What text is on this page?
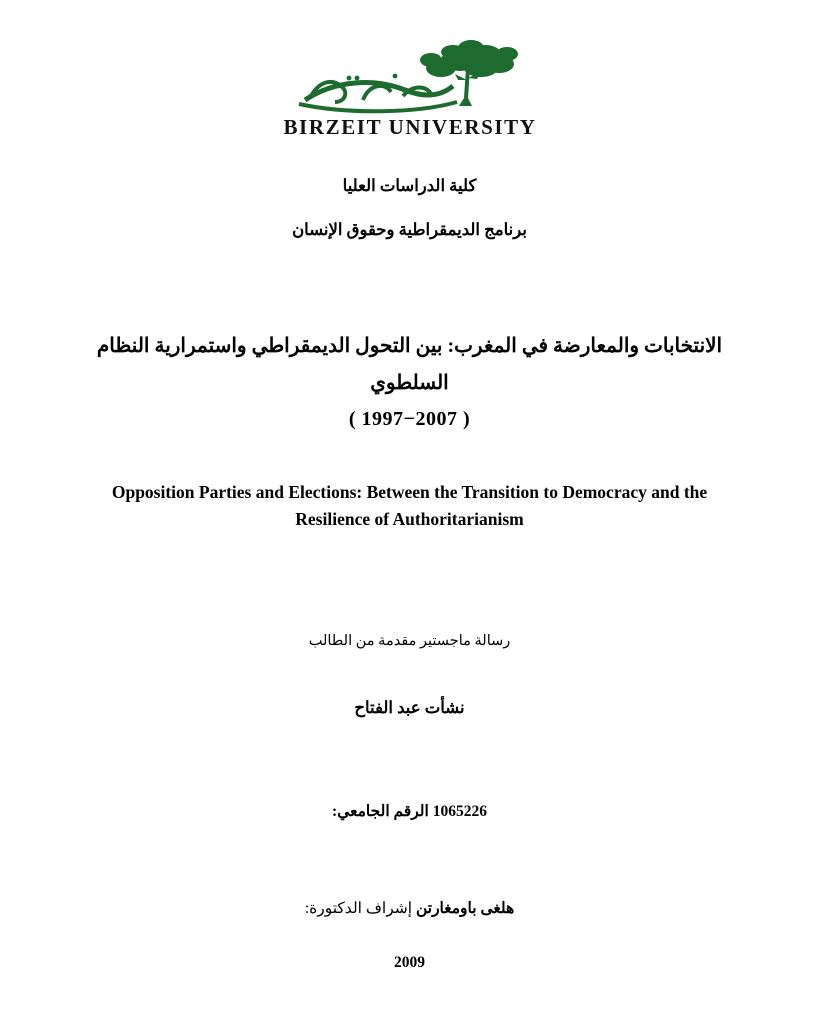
BIRZEIT UNIVERSITY
كلية الدراسات العليا
برنامج الديمقراطية وحقوق الإنسان
الانتخابات والمعارضة في المغرب: بين التحول الديمقراطي واستمرارية النظام السلطوي
( 1997−2007 )
Opposition Parties and Elections: Between the Transition to Democracy and the Resilience of Authoritarianism
رسالة ماجستير مقدمة من الطالب
نشأت عبد الفتاح
1065226 الرقم الجامعي:
هلغى باومغارتن إشراف الدكتورة:
2009
